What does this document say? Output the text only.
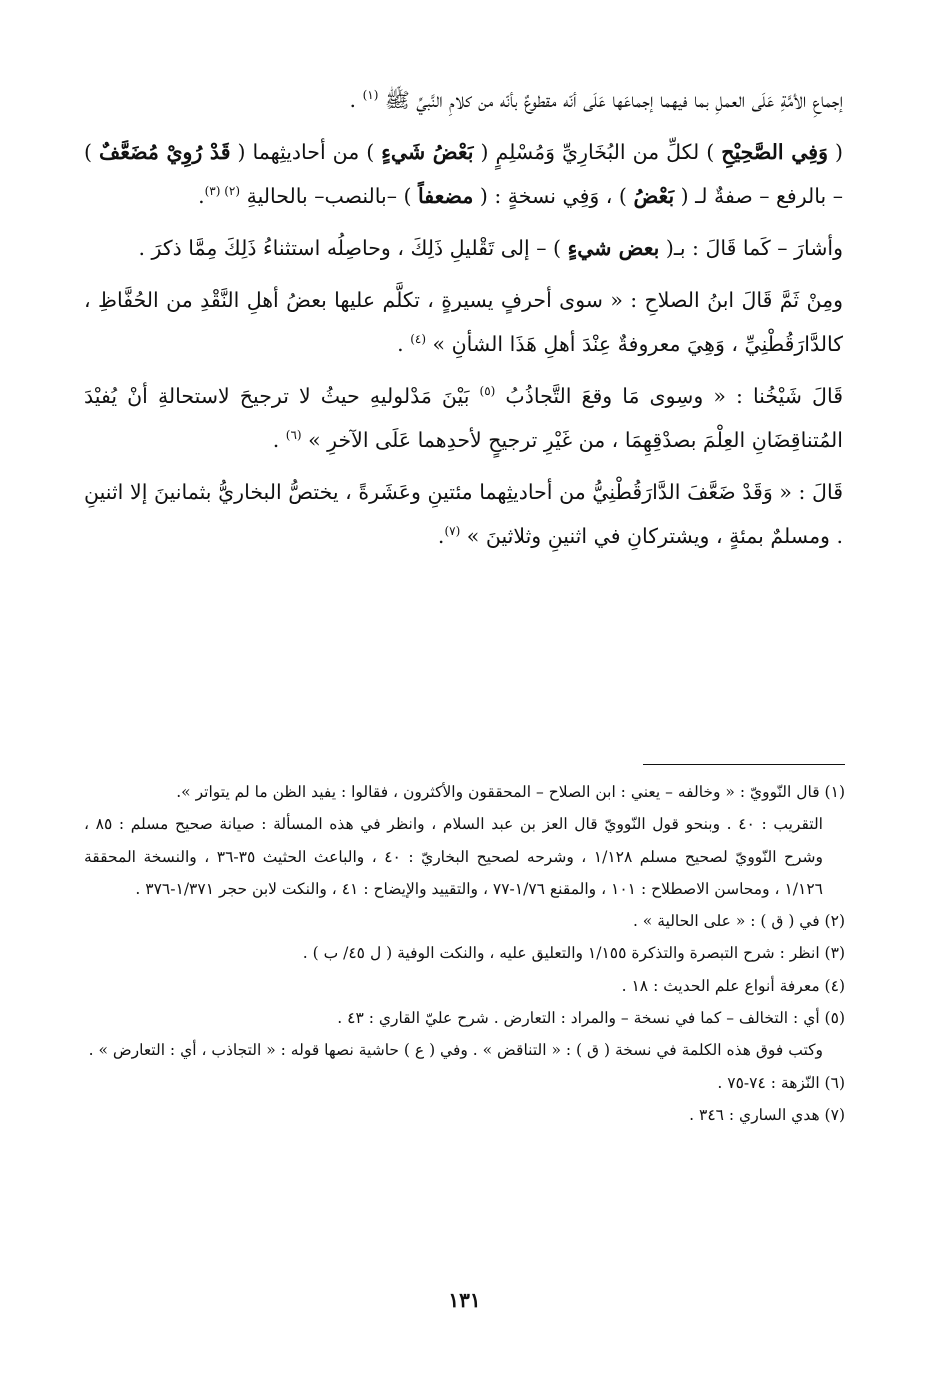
إجماعِ الأمَّةِ عَلَى العملِ بما فيهما إجماعَها عَلَى أنّه مقطوعٌ بأنّه من كلامِ النَّبيِّ ﷺ $^{(١)}$ .

( وَفِي الصَّحِيْحِ ) لكلِّ من البُخَارِيِّ وَمُسْلِمٍ ( بَعْضُ شَيءٍ ) من أحاديثِهما ( قَدْ رُوِيْ مُضَعَّفٌ ) – بالرفع – صفةٌ لـ ( بَعْضُ ) ، وَفِي نسخةٍ : ( مضعفاً ) –بالنصب– بالحاليةِ $^{(٢) (٣)}$.

وأشارَ – كَما قَالَ : بـ( بعض شيءٍ ) – إلى تَقْليلِ ذَلِكَ ، وحاصِلُه استثناءُ ذَلِكَ مِمَّا ذكرَ .

ومِنْ ثَمَّ قَالَ ابنُ الصلاحِ : « سوى أحرفٍ يسيرةٍ ، تكلَّم عليها بعضُ أهلِ النَّقْدِ من الحُفَّاظِ ، كالدَّارَقُطْنِيِّ ، وَهِيَ معروفةٌ عِنْدَ أهلِ هَذَا الشأنِ » $^{(٤)}$ .

قَالَ شَيْخُنا : « وسِوى مَا وقعَ التَّجاذُبُ $^{(٥)}$ بَيْنَ مَدْلوليهِ حيثُ لا ترجيحَ لاستحالةِ أنْ يُفيْدَ المُتناقِضَانِ العِلْمَ بصدْقِهِمَا ، من غَيْرِ ترجيحٍ لأحدِهما عَلَى الآخرِ » $^{(٦)}$ .

قَالَ : « وَقَدْ ضَعَّفَ الدَّارَقُطْنِيُّ من أحاديثِهما مئتينِ وعَشَرةً ، يختصُّ البخاريُّ بثمانينَ إلا اثنينِ . ومسلمٌ بمئةٍ ، ويشتركانِ في اثنينِ وثلاثينَ » $^{(٧)}$.

(١) قال النّوويّ : « وخالفه – يعني : ابن الصلاح – المحققون والأكثرون ، فقالوا : يفيد الظن ما لم يتواتر ».

التقريب : ٤٠ . وبنحو قول النّوويّ قال العز بن عبد السلام ، وانظر في هذه المسألة : صيانة صحيح مسلم : ٨٥ ، وشرح النّوويّ لصحيح مسلم ١/١٢٨ ، وشرحه لصحيح البخاريّ : ٤٠ ، والباعث الحثيث ٣٥-٣٦ ، والنسخة المحققة ١/١٢٦ ، ومحاسن الاصطلاح : ١٠١ ، والمقنع ١/٧٦-٧٧ ، والتقييد والإيضاح : ٤١ ، والنكت لابن حجر ١/٣٧١-٣٧٦ .

(٢) في ( ق ) : « على الحالية » .

(٣) انظر : شرح التبصرة والتذكرة ١/١٥٥ والتعليق عليه ، والنكت الوفية ( ل ٤٥/ ب ) .

(٤) معرفة أنواع علم الحديث : ١٨ .

(٥) أي : التخالف – كما في نسخة – والمراد : التعارض . شرح عليّ القاري : ٤٣ .

وكتب فوق هذه الكلمة في نسخة ( ق ) : « التناقض » . وفي ( ع ) حاشية نصها قوله : « التجاذب ، أي : التعارض » .

(٦) النّزهة : ٧٤-٧٥ .

(٧) هدي الساري : ٣٤٦ .

١٣١
